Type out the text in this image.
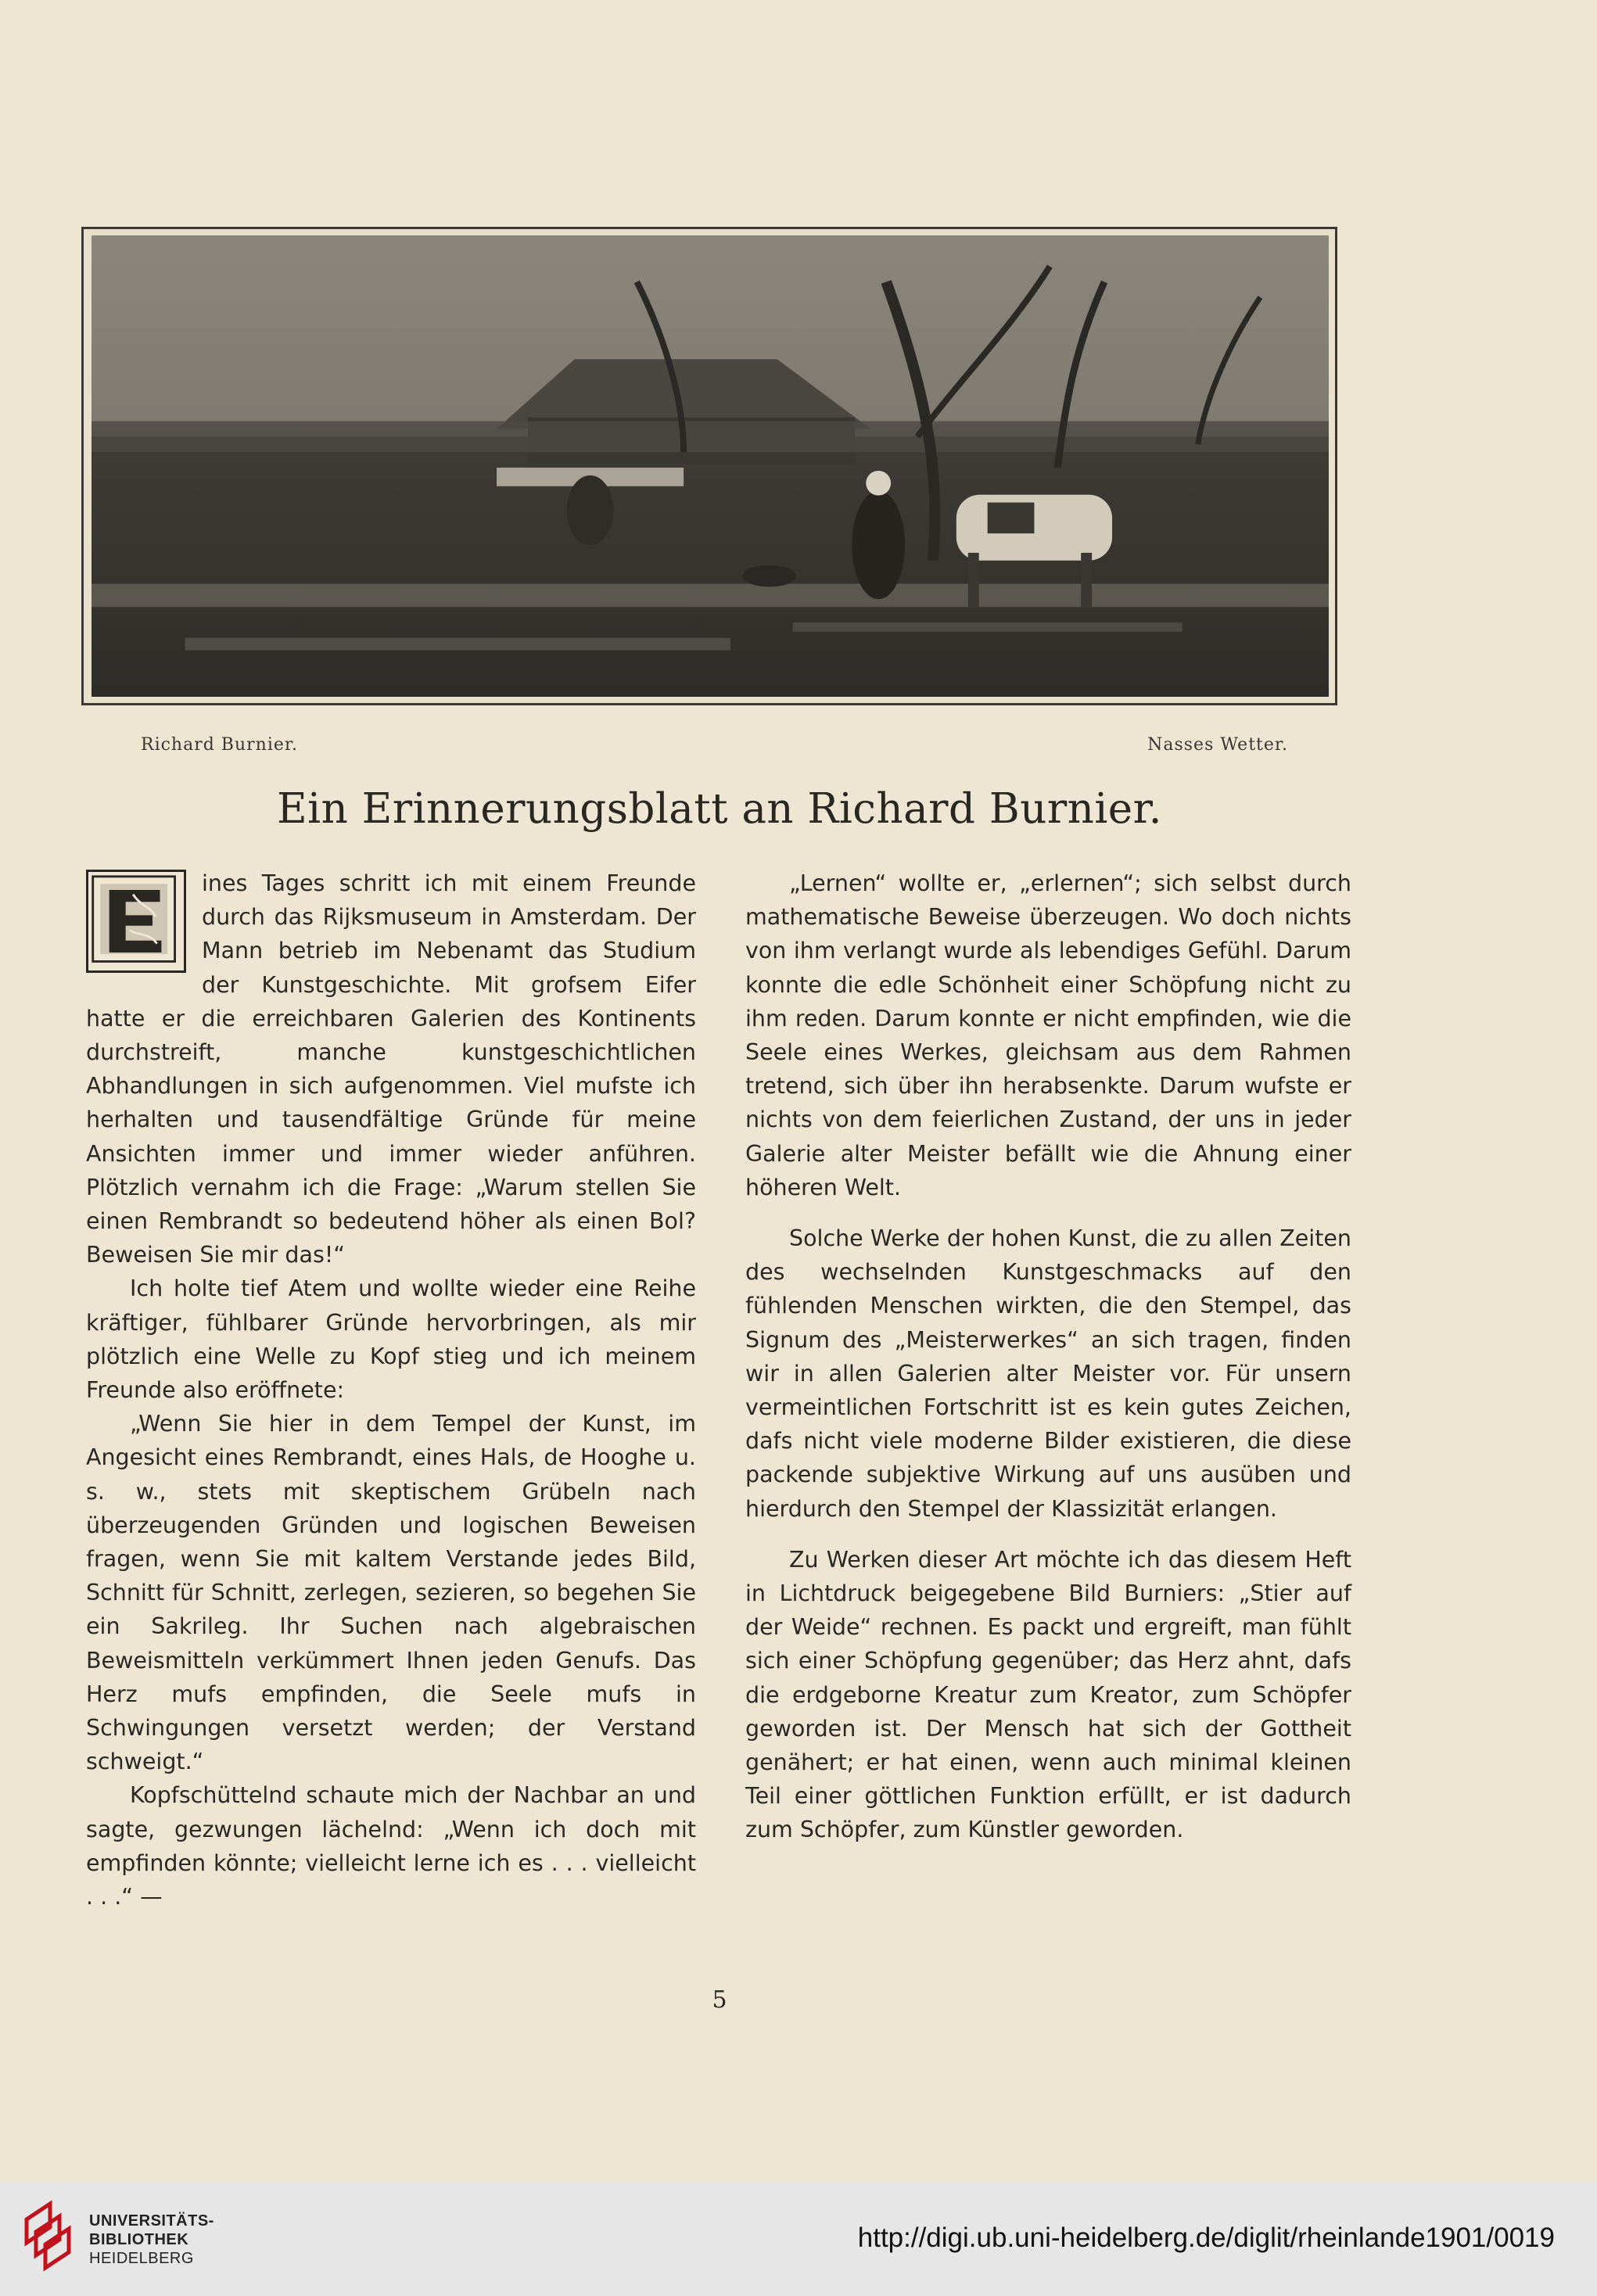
Richard Burnier.	Nasses Wetter.
Ein Erinnerungsblatt an Richard Burnier.

ines Tages schritt ich mit einem Freunde durch das Rijksmuseum in Amsterdam. Der Mann betrieb im Nebenamt das Studium der Kunstgeschichte. Mit grofsem Eifer hatte er die erreichbaren Galerien des Kontinents durchstreift, manche kunstgeschichtlichen Abhandlungen in sich aufgenommen. Viel mufste ich herhalten und tausendfältige Gründe für meine Ansichten immer und immer wieder anführen. Plötzlich vernahm ich die Frage: „Warum stellen Sie einen Rembrandt so bedeutend höher als einen Bol? Beweisen Sie mir das!“

Ich holte tief Atem und wollte wieder eine Reihe kräftiger, fühlbarer Gründe hervorbringen, als mir plötzlich eine Welle zu Kopf stieg und ich meinem Freunde also eröffnete:

„Wenn Sie hier in dem Tempel der Kunst, im Angesicht eines Rembrandt, eines Hals, de Hooghe u. s. w., stets mit skeptischem Grübeln nach überzeugenden Gründen und logischen Beweisen fragen, wenn Sie mit kaltem Verstande jedes Bild, Schnitt für Schnitt, zerlegen, sezieren, so begehen Sie ein Sakrileg. Ihr Suchen nach algebraischen Beweismitteln verkümmert Ihnen jeden Genufs. Das Herz mufs empfinden, die Seele mufs in Schwingungen versetzt werden; der Verstand schweigt.“

Kopfschüttelnd schaute mich der Nachbar an und sagte, gezwungen lächelnd: „Wenn ich doch mit empfinden könnte; vielleicht lerne ich es . . . vielleicht . . .“ —

„Lernen“ wollte er, „erlernen“; sich selbst durch mathematische Beweise überzeugen. Wo doch nichts von ihm verlangt wurde als lebendiges Gefühl. Darum konnte die edle Schönheit einer Schöpfung nicht zu ihm reden. Darum konnte er nicht empfinden, wie die Seele eines Werkes, gleichsam aus dem Rahmen tretend, sich über ihn herabsenkte. Darum wufste er nichts von dem feierlichen Zustand, der uns in jeder Galerie alter Meister befällt wie die Ahnung einer höheren Welt.

Solche Werke der hohen Kunst, die zu allen Zeiten des wechselnden Kunstgeschmacks auf den fühlenden Menschen wirkten, die den Stempel, das Signum des „Meisterwerkes“ an sich tragen, finden wir in allen Galerien alter Meister vor. Für unsern vermeintlichen Fortschritt ist es kein gutes Zeichen, dafs nicht viele moderne Bilder existieren, die diese packende subjektive Wirkung auf uns ausüben und hierdurch den Stempel der Klassizität erlangen.

Zu Werken dieser Art möchte ich das diesem Heft in Lichtdruck beigegebene Bild Burniers: „Stier auf der Weide“ rechnen. Es packt und ergreift, man fühlt sich einer Schöpfung gegenüber; das Herz ahnt, dafs die erdgeborne Kreatur zum Kreator, zum Schöpfer geworden ist. Der Mensch hat sich der Gottheit genähert; er hat einen, wenn auch minimal kleinen Teil einer göttlichen Funktion erfüllt, er ist dadurch zum Schöpfer, zum Künstler geworden.

5
UNIVERSITÄTS-
BIBLIOTHEK
HEIDELBERG
http://digi.ub.uni-heidelberg.de/diglit/rheinlande1901/0019
